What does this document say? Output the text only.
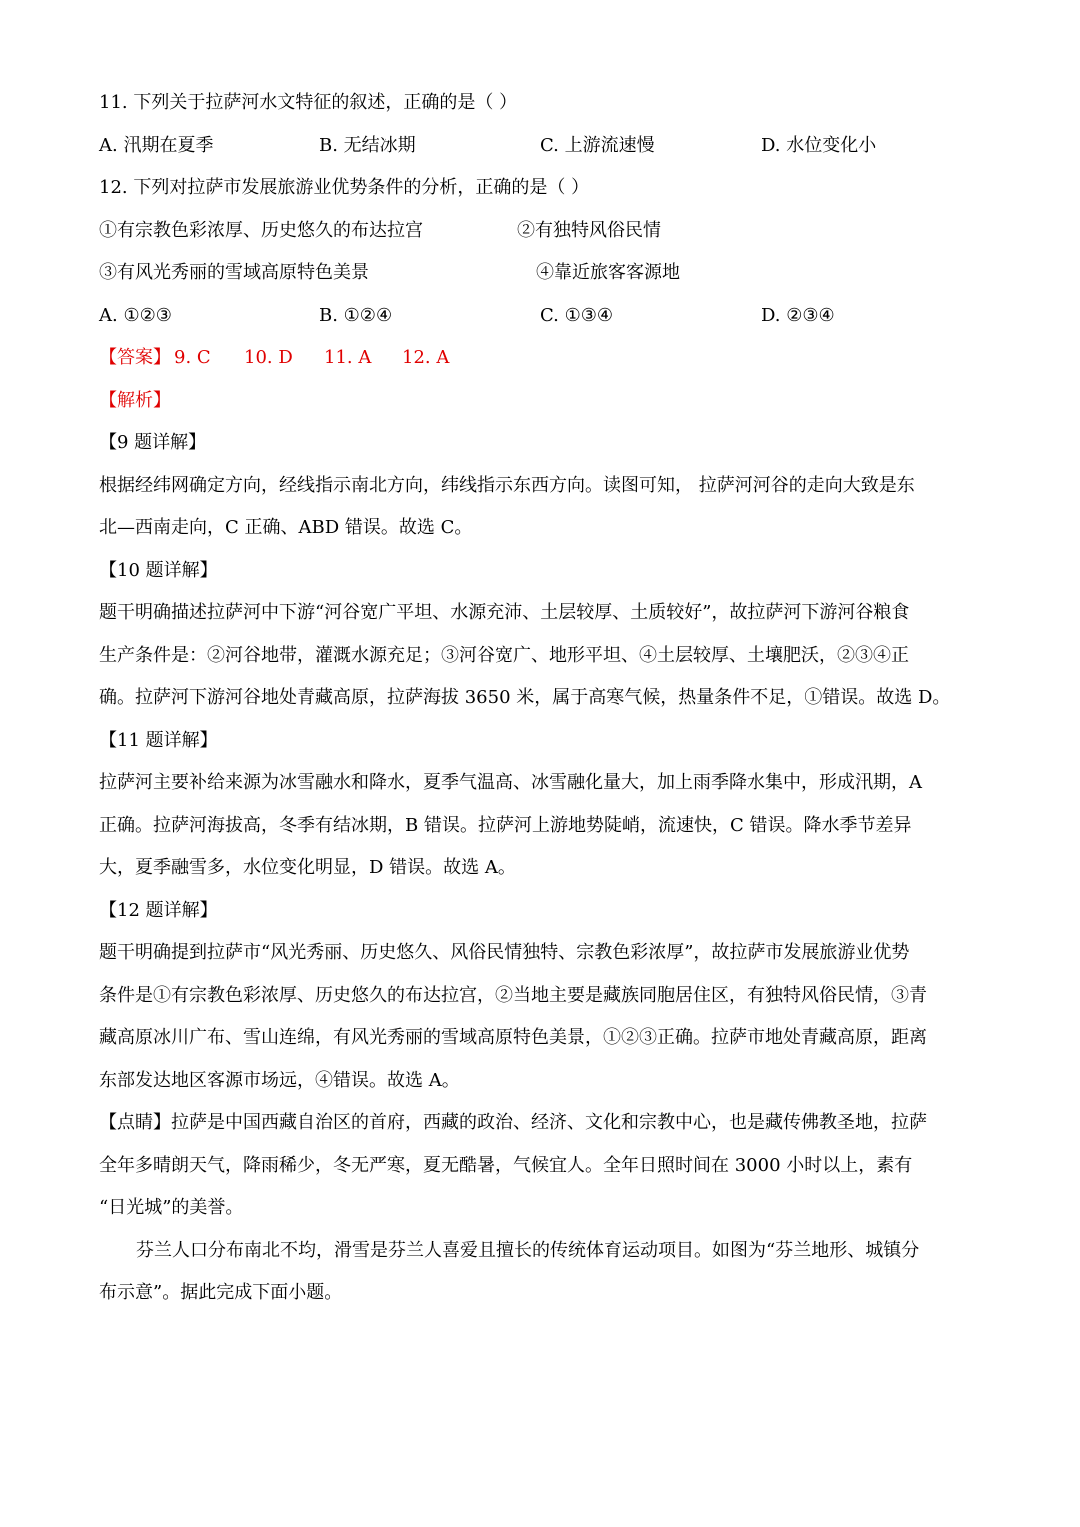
11. 下列关于拉萨河水文特征的叙述，正确的是（ ）
A. 汛期在夏季	B. 无结冰期	C. 上游流速慢	D. 水位变化小
12. 下列对拉萨市发展旅游业优势条件的分析，正确的是（ ）
①有宗教色彩浓厚、历史悠久的布达拉宫	②有独特风俗民情
③有风光秀丽的雪域高原特色美景	④靠近旅客客源地
A. ①②③	B. ①②④	C. ①③④	D. ②③④
【答案】 9. C 10. D 11. A 12. A
【解析】
【9 题详解】
根据经纬网确定方向，经线指示南北方向，纬线指示东西方向。读图可知， 拉萨河河谷的走向大致是东
北—西南走向，C 正确、ABD 错误。故选 C。
【10 题详解】
题干明确描述拉萨河中下游“河谷宽广平坦、水源充沛、土层较厚、土质较好”，故拉萨河下游河谷粮食
生产条件是：②河谷地带，灌溉水源充足；③河谷宽广、地形平坦、④土层较厚、土壤肥沃，②③④正
确。拉萨河下游河谷地处青藏高原，拉萨海拔 3650 米，属于高寒气候，热量条件不足，①错误。故选 D。
【11 题详解】
拉萨河主要补给来源为冰雪融水和降水，夏季气温高、冰雪融化量大，加上雨季降水集中，形成汛期，A
正确。拉萨河海拔高，冬季有结冰期，B 错误。拉萨河上游地势陡峭，流速快，C 错误。降水季节差异
大，夏季融雪多，水位变化明显，D 错误。故选 A。
【12 题详解】
题干明确提到拉萨市“风光秀丽、历史悠久、风俗民情独特、宗教色彩浓厚”，故拉萨市发展旅游业优势
条件是①有宗教色彩浓厚、历史悠久的布达拉宫，②当地主要是藏族同胞居住区，有独特风俗民情，③青
藏高原冰川广布、雪山连绵，有风光秀丽的雪域高原特色美景，①②③正确。拉萨市地处青藏高原，距离
东部发达地区客源市场远，④错误。故选 A。
【点睛】拉萨是中国西藏自治区的首府，西藏的政治、经济、文化和宗教中心，也是藏传佛教圣地，拉萨
全年多晴朗天气，降雨稀少，冬无严寒，夏无酷暑，气候宜人。全年日照时间在 3000 小时以上，素有
“日光城”的美誉。
芬兰人口分布南北不均，滑雪是芬兰人喜爱且擅长的传统体育运动项目。如图为“芬兰地形、城镇分
布示意”。据此完成下面小题。
